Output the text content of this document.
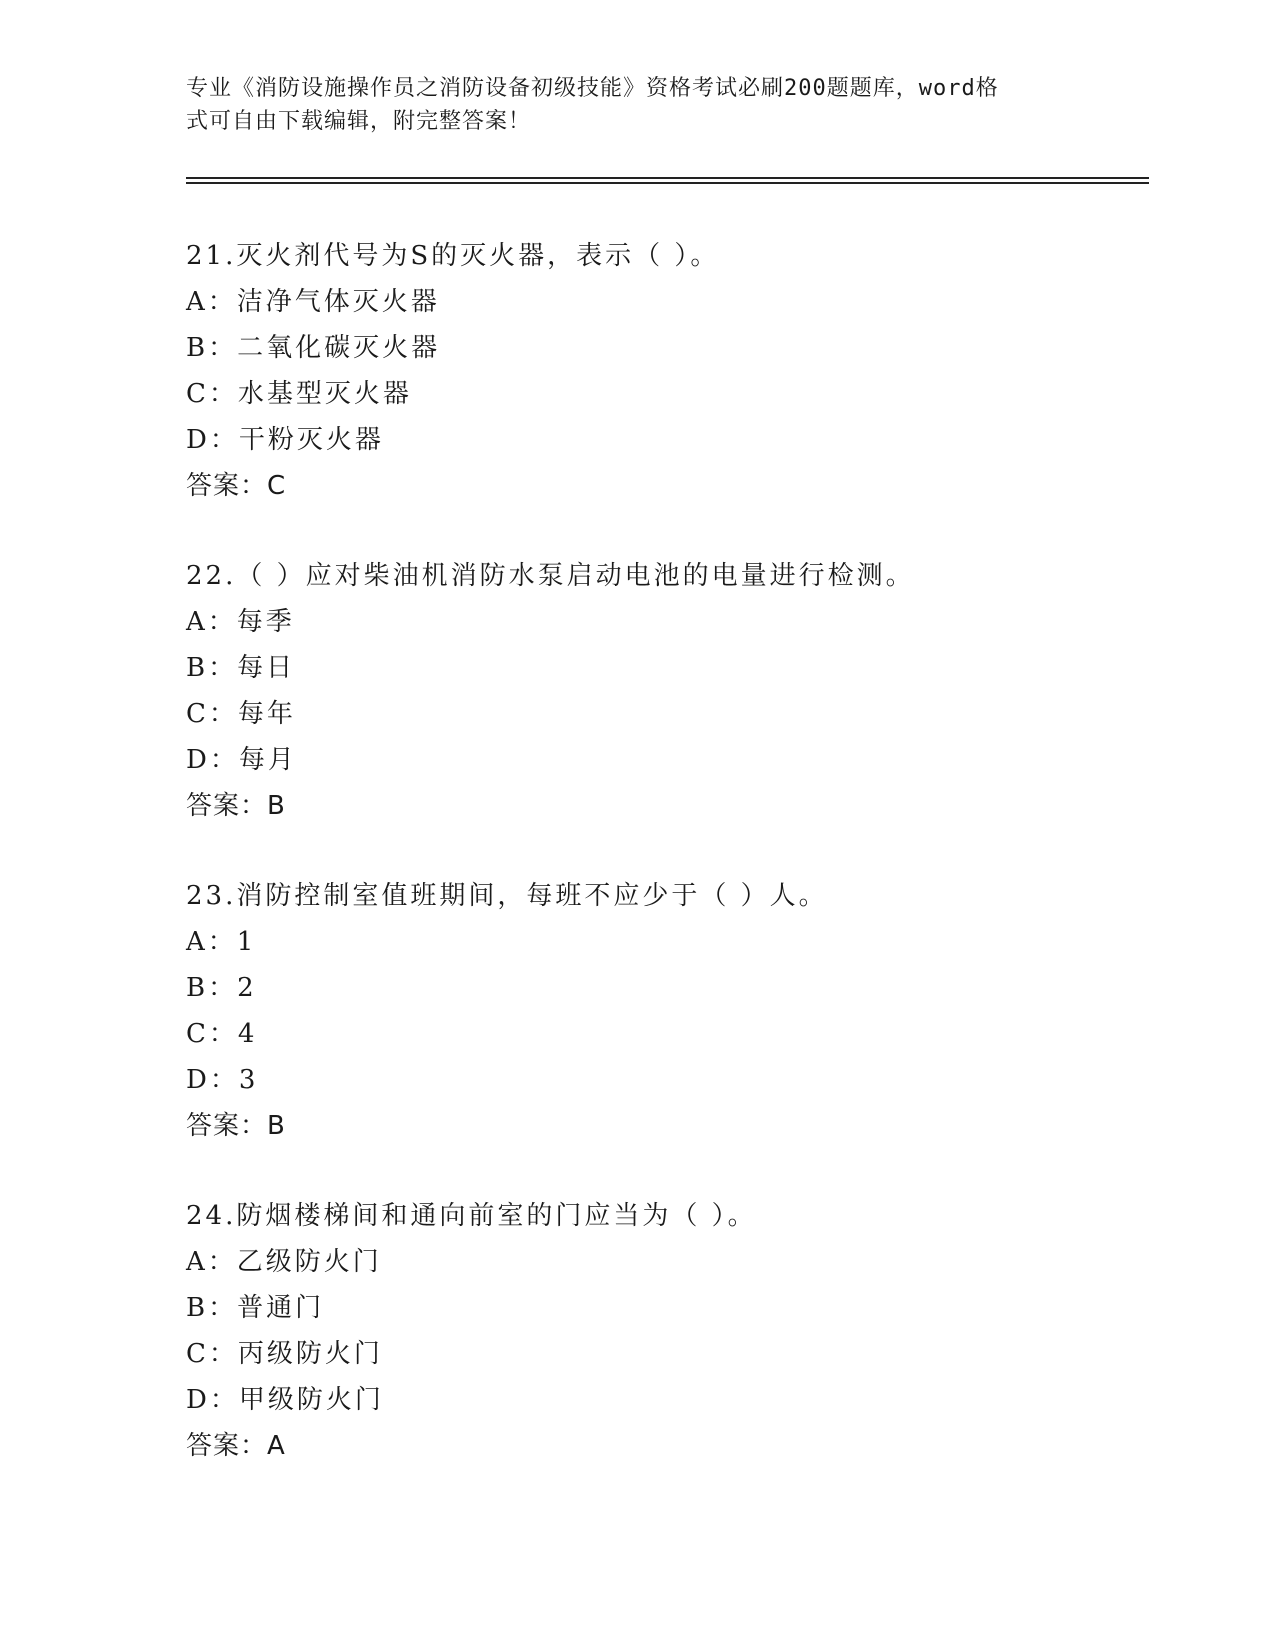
专业《消防设施操作员之消防设备初级技能》资格考试必刷200题题库，word格
式可自由下载编辑，附完整答案！
21.灭火剂代号为S的灭火器，表示（ ）。
A：洁净气体灭火器
B：二氧化碳灭火器
C：水基型灭火器
D：干粉灭火器
答案：C
22.（ ）应对柴油机消防水泵启动电池的电量进行检测。
A：每季
B：每日
C：每年
D：每月
答案：B
23.消防控制室值班期间，每班不应少于（ ）人。
A：1
B：2
C：4
D：3
答案：B
24.防烟楼梯间和通向前室的门应当为（ ）。
A：乙级防火门
B：普通门
C：丙级防火门
D：甲级防火门
答案：A
